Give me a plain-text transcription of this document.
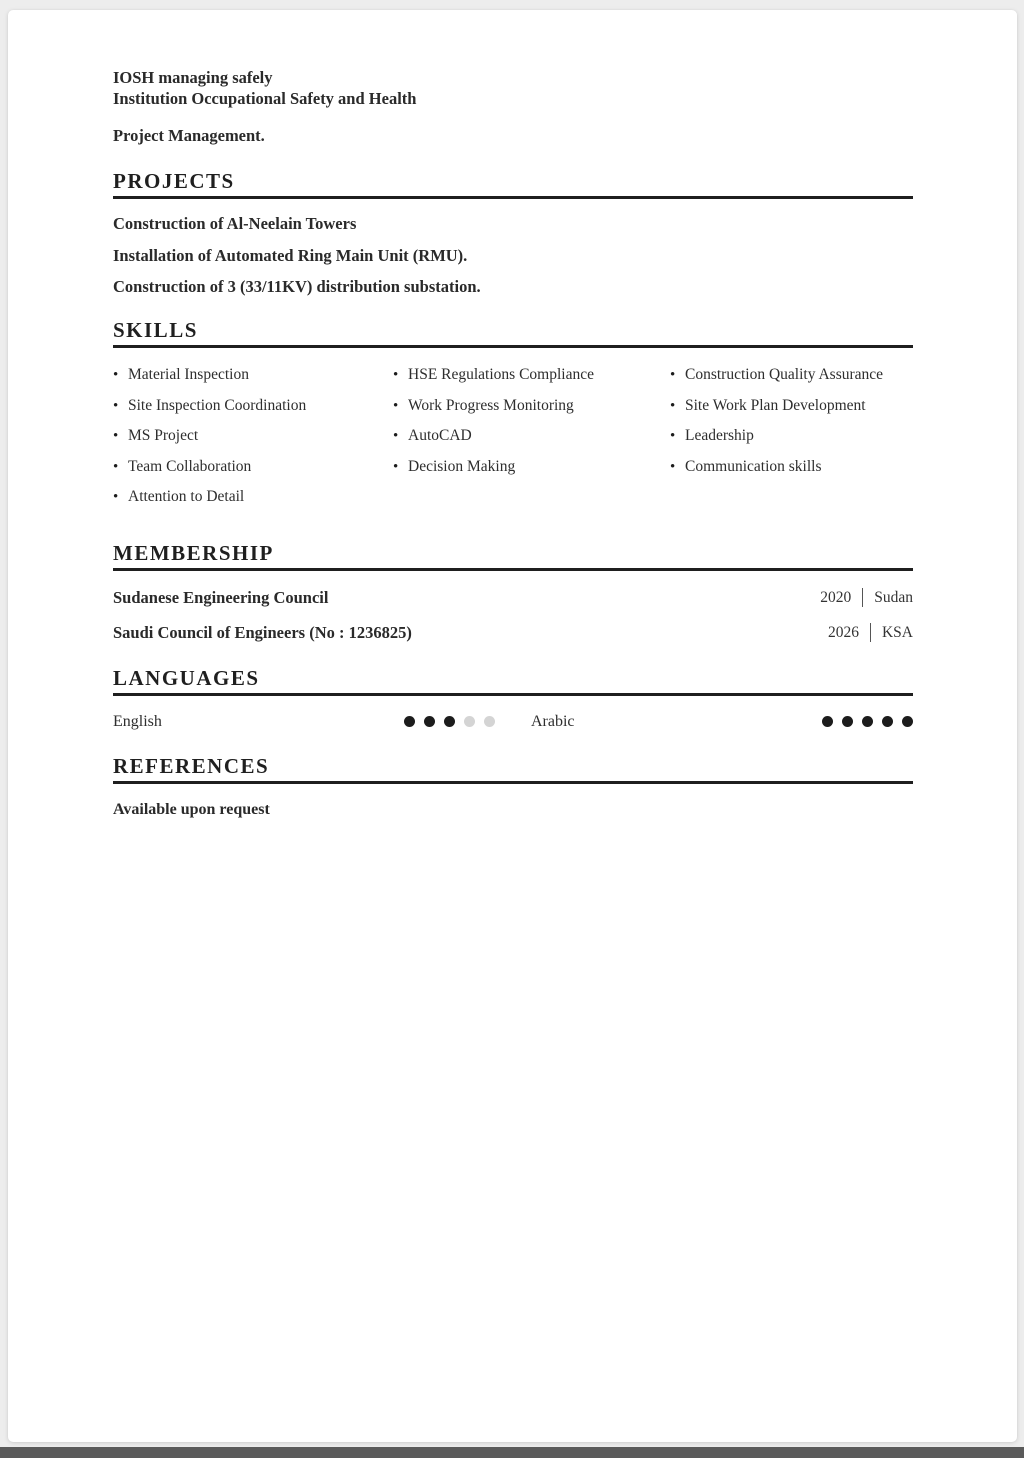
IOSH managing safely
Institution Occupational Safety and Health
Project Management.
PROJECTS
Construction of Al-Neelain Towers
Installation of Automated Ring Main Unit (RMU).
Construction of 3 (33/11KV) distribution substation.
SKILLS
• Material Inspection
• Site Inspection Coordination
• MS Project
• Team Collaboration
• Attention to Detail
• HSE Regulations Compliance
• Work Progress Monitoring
• AutoCAD
• Decision Making
• Construction Quality Assurance
• Site Work Plan Development
• Leadership
• Communication skills
MEMBERSHIP
Sudanese Engineering Council	2020 Sudan
Saudi Council of Engineers (No : 1236825)	2026 KSA
LANGUAGES
English	Arabic
REFERENCES
Available upon request
